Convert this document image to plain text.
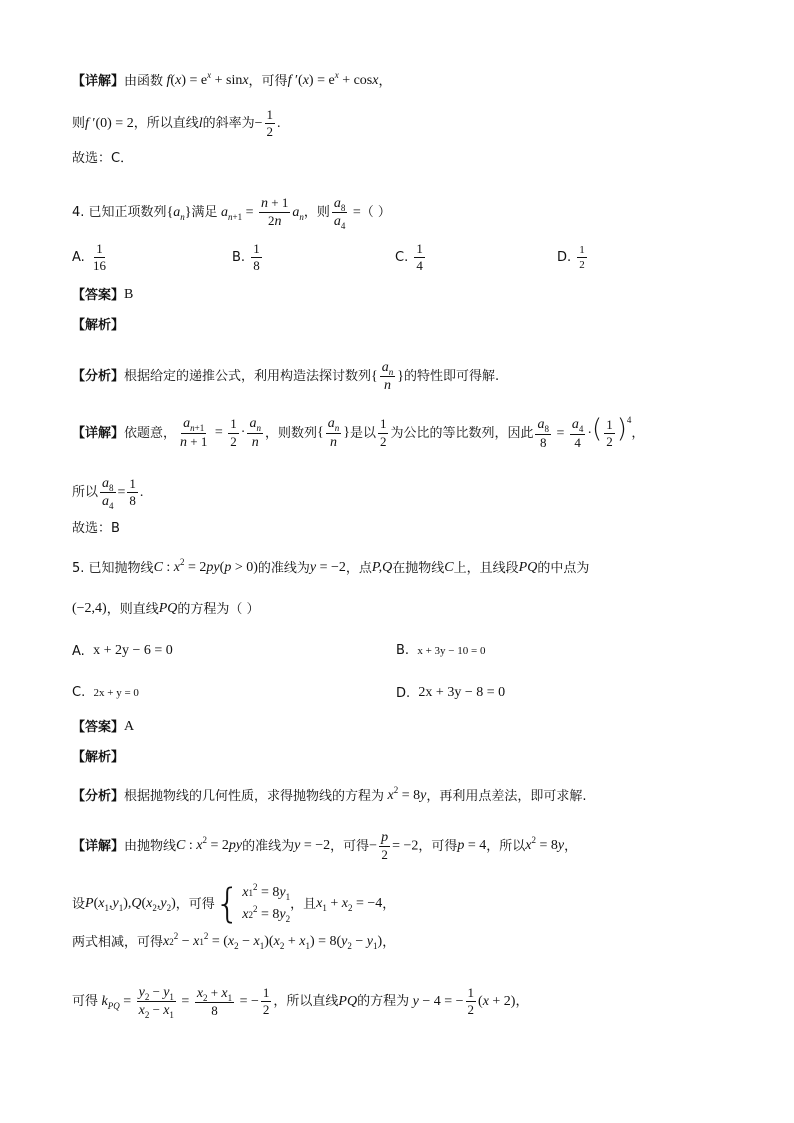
【详解】 由函数 $f(x) = e^x + \sin x$ ，可得 f $'(x) = e^x + \cos x$ ，
则 f ′(0) = 2 ，所以直线 l 的斜率为 − $\frac{1}{2}$ .
故选：C．
4.
已知正项数列 $\{a_n\}$ 满足 $a_{n+1} = \frac{n + 1}{2n} a_n$ ，则 $\frac{a_8}{a_4}$ = （ ）
A.
$\frac{1}{16}$	B.
$\frac{1}{8}$	C.
$\frac{1}{4}$	D.
$\frac{1}{2}$
【答案】 B
【解析】
【分析】 根据给定的递推公式，利用构造法探讨数列 { $\frac{a_n}{n}$ } 的特性即可得解.
【详解】 依题意， $\frac{a_{n+1}}{n + 1} = \frac{1}{2} \cdot \frac{a_n}{n}$ ，则数列 { $\frac{a_n}{n}$ } 是以 $\frac{1}{2}$ 为公比的等比数列，因此 $\frac{a_8}{8} = \frac{a_4}{4}$ ·( $\frac{1}{2} )^4$
，
所以 $\frac{a_8}{a_4} = \frac{1}{8}$ .
故选：B
5.
已知抛物线 C : $x^2 = 2py(p > 0)$ 的准线为 y = −2 ，点 P,Q 在抛物线 C 上，且线段 PQ 的中点为
(−2,4) ，则直线 PQ 的方程为（ ）
A.
x + 2y − 6 = 0	B.
x + 3y − 10 = 0
C.
2x + y = 0	D.
2x + 3y − 8 = 0
【答案】 A
【解析】
【分析】 根据抛物线的几何性质，求得抛物线的方程为 $x^2 = 8y$ ，再利用点差法，即可求解.
【详解】 由抛物线 C : $x^2 = 2py$ 的准线为 y = −2 ，可得 − $\frac{p}{2} = -2$ ，可得 p = 4 ，所以 $x^2 = 8y$ ，
设 $P(x_1,y_1),Q(x_2,y_2)$ ，可得 { $x1^2 = 8y_1$
$x2^2 = 8y_2$
，且 $x_1 + x_2 = -4$ ，
两式相减，可得 $x2^2 - x1^2 = (x_2 - x_1)(x_2 + x_1) = 8(y_2 - y_1)$ ，
可得 $k_{PQ} = \frac{y_2 - y_1}{x_2 - x_1} = \frac{x_2 + x_1}{8}$ = − $\frac{1}{2}$ ，所以直线 PQ 的方程为 y − 4 = − $\frac{1}{2} (x + 2)$ ，
